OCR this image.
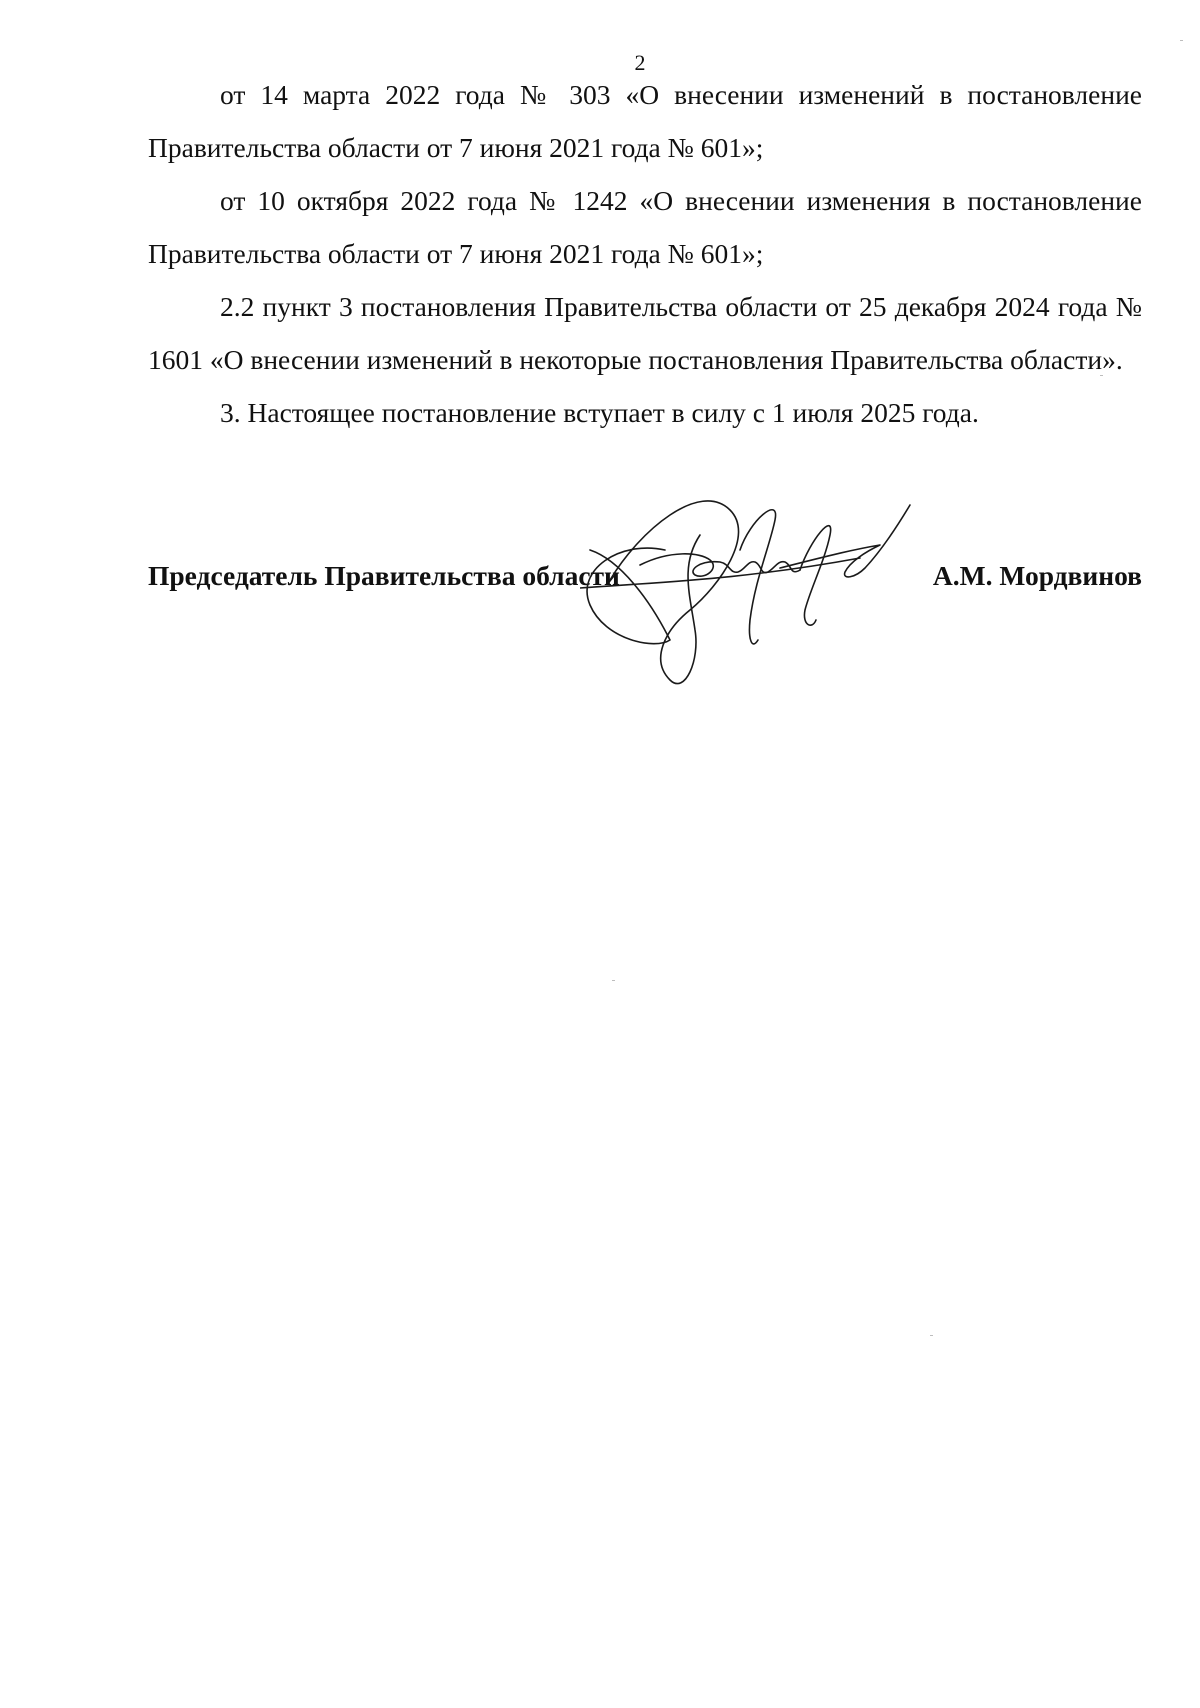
2

от 14 марта 2022 года № 303 «О внесении изменений в постановление Правительства области от 7 июня 2021 года № 601»;

от 10 октября 2022 года № 1242 «О внесении изменения в постановление Правительства области от 7 июня 2021 года № 601»;

2.2 пункт 3 постановления Правительства области от 25 декабря 2024 года № 1601 «О внесении изменений в некоторые постановления Правительства области».

3. Настоящее постановление вступает в силу с 1 июля 2025 года.

Председатель Правительства области	А.М. Мордвинов
